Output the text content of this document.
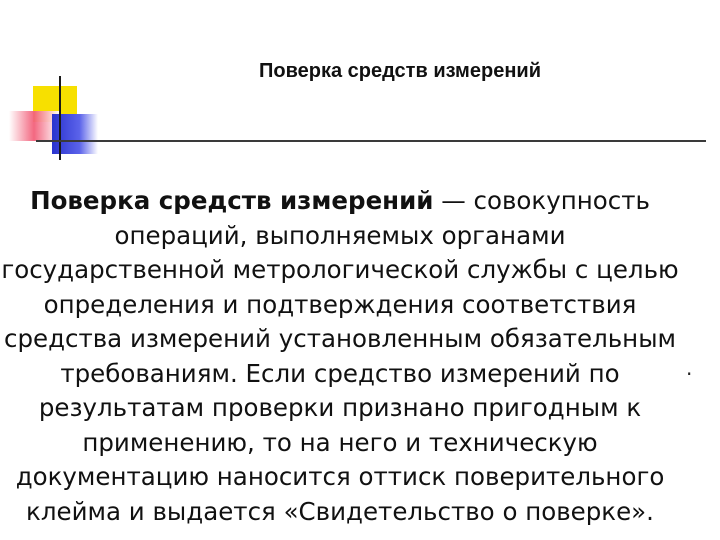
Поверка средств измерений
Поверка средств измерений — совокупность операций, выполняемых органами государственной метрологической службы с целью определения и подтверждения соответствия средства измерений установленным обязательным требованиям. Если средство измерений по результатам проверки признано пригодным к применению, то на него и техническую документацию наносится оттиск поверительного клейма и выдается «Свидетельство о поверке».
.
